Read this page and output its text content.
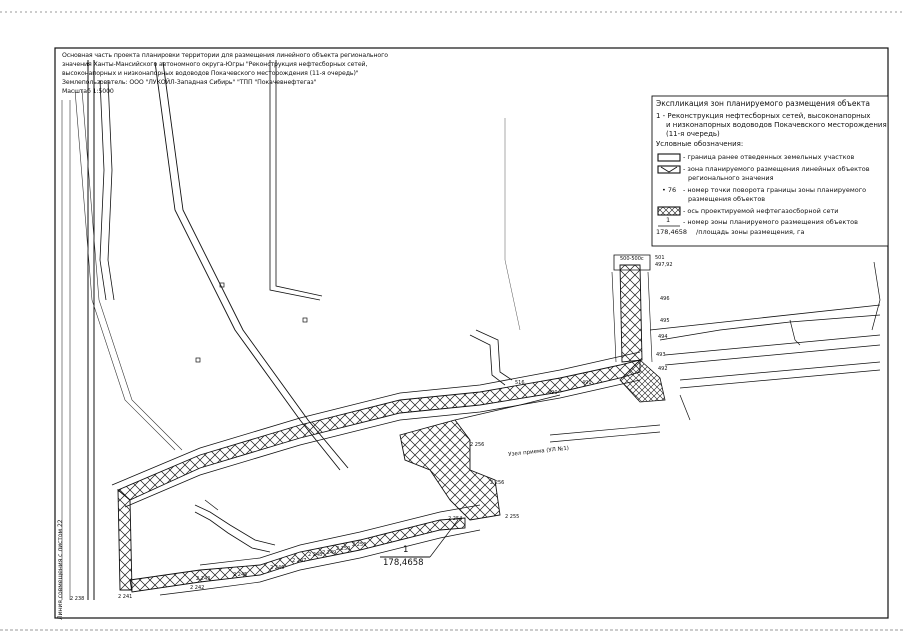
Основная часть проекта планировки территории для размещения линейного объекта регионального
значения Ханты-Мансийского автономного округа-Югры "Реконструкция нефтесборных сетей,
высоконапорных и низконапорных водоводов Покачевского месторождения (11-я очередь)"
Землепользователь: ООО "ЛУКОЙЛ-Западная Сибирь" "ТПП "Покачевнефтегаз"
Масштаб 1:5000
Экспликация зон планируемого размещения объекта
1 - Реконструкция нефтесборных сетей, высоконапорных
и низконапорных водоводов Покачевского месторождения
(11-я очередь)
Условные обозначения:
- граница ранее отведенных земельных участков
- зона планируемого размещения линейных объектов
регионального значения
• 76 - номер точки поворота границы зоны планируемого
размещения объектов
- ось проектируемой нефтегазосборной сети
1 - номер зоны планируемого размещения объектов
178,4658 /площадь зоны размещения, га
1
178,4658
Узел приема (УЛ №1)
Линия совмещения с листом 22
501
500-500с
497,92
496
495
494
493
492
491
490
516
2 256
2 256
2 255
2 254
2 253
2 250
2 249
2 248
2 247
2 246
2 245
2 243
2 242
2 241
2 238
